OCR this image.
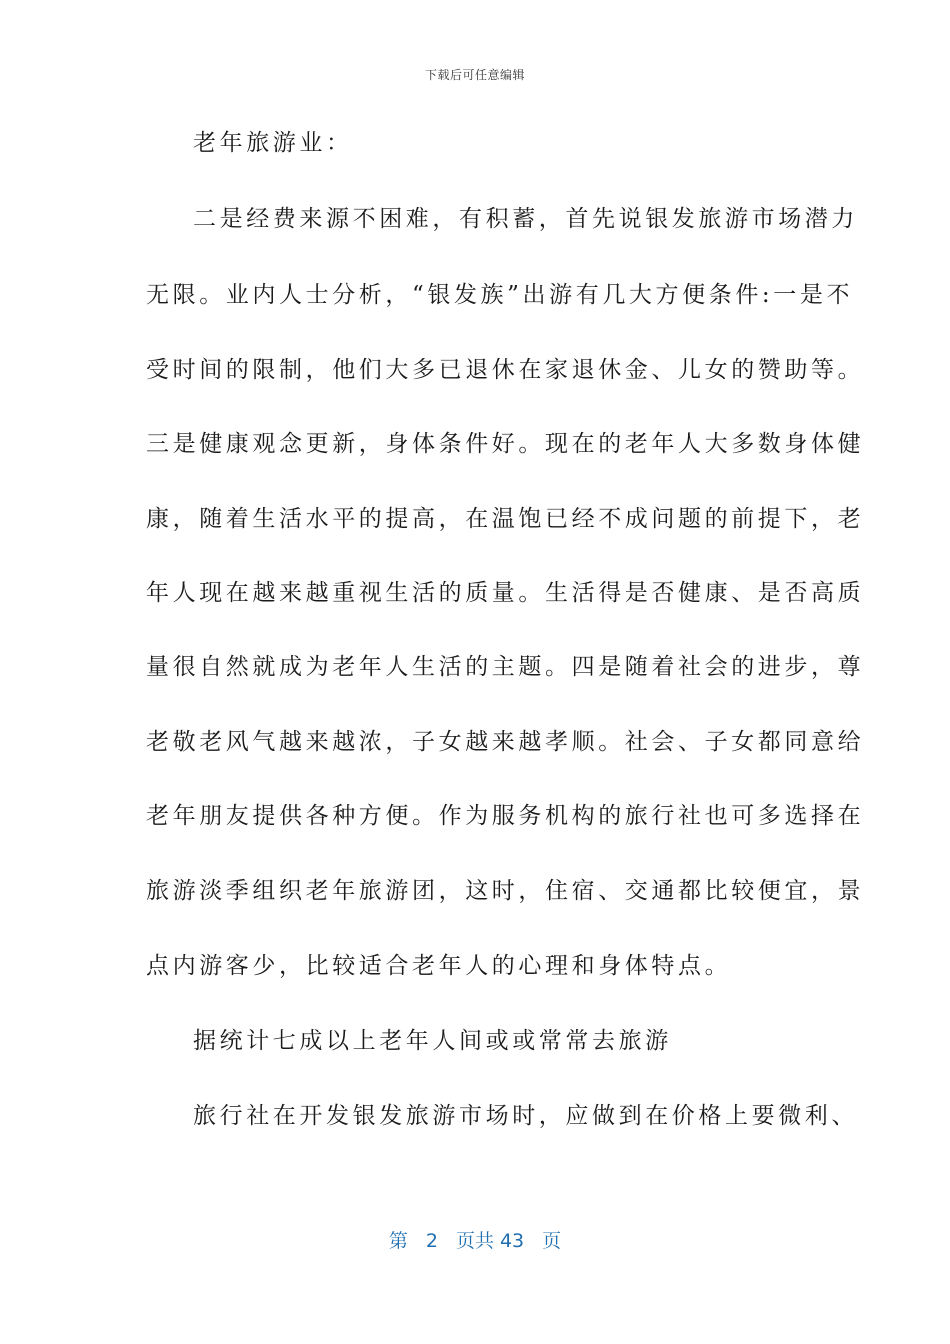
下载后可任意编辑
老年旅游业：
二是经费来源不困难，有积蓄，首先说银发旅游市场潜力
无限。业内人士分析，“银发族”出游有几大方便条件:一是不
受时间的限制，他们大多已退休在家退休金、儿女的赞助等。
三是健康观念更新，身体条件好。现在的老年人大多数身体健
康，随着生活水平的提高，在温饱已经不成问题的前提下，老
年人现在越来越重视生活的质量。生活得是否健康、是否高质
量很自然就成为老年人生活的主题。四是随着社会的进步，尊
老敬老风气越来越浓，子女越来越孝顺。社会、子女都同意给
老年朋友提供各种方便。作为服务机构的旅行社也可多选择在
旅游淡季组织老年旅游团，这时，住宿、交通都比较便宜，景
点内游客少，比较适合老年人的心理和身体特点。
据统计七成以上老年人间或或常常去旅游
旅行社在开发银发旅游市场时，应做到在价格上要微利、
第 2 页共 43 页
